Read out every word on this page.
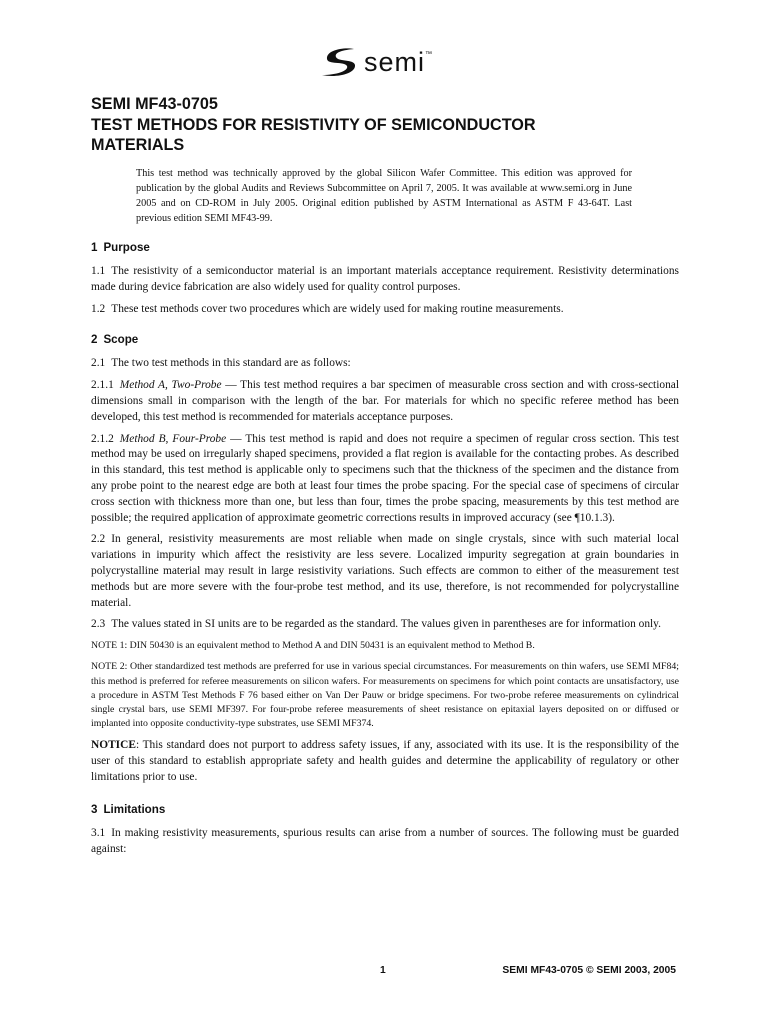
semi™
SEMI MF43-0705
TEST METHODS FOR RESISTIVITY OF SEMICONDUCTOR
MATERIALS
This test method was technically approved by the global Silicon Wafer Committee. This edition was approved for publication by the global Audits and Reviews Subcommittee on April 7, 2005. It was available at www.semi.org in June 2005 and on CD-ROM in July 2005. Original edition published by ASTM International as ASTM F 43-64T. Last previous edition SEMI MF43-99.
1 Purpose

1.1 The resistivity of a semiconductor material is an important materials acceptance requirement. Resistivity determinations made during device fabrication are also widely used for quality control purposes.

1.2 These test methods cover two procedures which are widely used for making routine measurements.

2 Scope

2.1 The two test methods in this standard are as follows:

2.1.1 Method A, Two-Probe — This test method requires a bar specimen of measurable cross section and with cross-sectional dimensions small in comparison with the length of the bar. For materials for which no specific referee method has been developed, this test method is recommended for materials acceptance purposes.

2.1.2 Method B, Four-Probe — This test method is rapid and does not require a specimen of regular cross section. This test method may be used on irregularly shaped specimens, provided a flat region is available for the contacting probes. As described in this standard, this test method is applicable only to specimens such that the thickness of the specimen and the distance from any probe point to the nearest edge are both at least four times the probe spacing. For the special case of specimens of circular cross section with thickness more than one, but less than four, times the probe spacing, measurements by this test method are possible; the required application of approximate geometric corrections results in improved accuracy (see ¶10.1.3).

2.2 In general, resistivity measurements are most reliable when made on single crystals, since with such material local variations in impurity which affect the resistivity are less severe. Localized impurity segregation at grain boundaries in polycrystalline material may result in large resistivity variations. Such effects are common to either of the measurement test methods but are more severe with the four-probe test method, and its use, therefore, is not recommended for polycrystalline material.

2.3 The values stated in SI units are to be regarded as the standard. The values given in parentheses are for information only.

NOTE 1: DIN 50430 is an equivalent method to Method A and DIN 50431 is an equivalent method to Method B.

NOTE 2: Other standardized test methods are preferred for use in various special circumstances. For measurements on thin wafers, use SEMI MF84; this method is preferred for referee measurements on silicon wafers. For measurements on specimens for which point contacts are unsatisfactory, use a procedure in ASTM Test Methods F 76 based either on Van Der Pauw or bridge specimens. For two-probe referee measurements on cylindrical single crystal bars, use SEMI MF397. For four-probe referee measurements of sheet resistance on epitaxial layers deposited on or diffused or implanted into opposite conductivity-type substrates, use SEMI MF374.

NOTICE: This standard does not purport to address safety issues, if any, associated with its use. It is the responsibility of the user of this standard to establish appropriate safety and health guides and determine the applicability of regulatory or other limitations prior to use.

3 Limitations

3.1 In making resistivity measurements, spurious results can arise from a number of sources. The following must be guarded against:

1	SEMI MF43-0705 © SEMI 2003, 2005
